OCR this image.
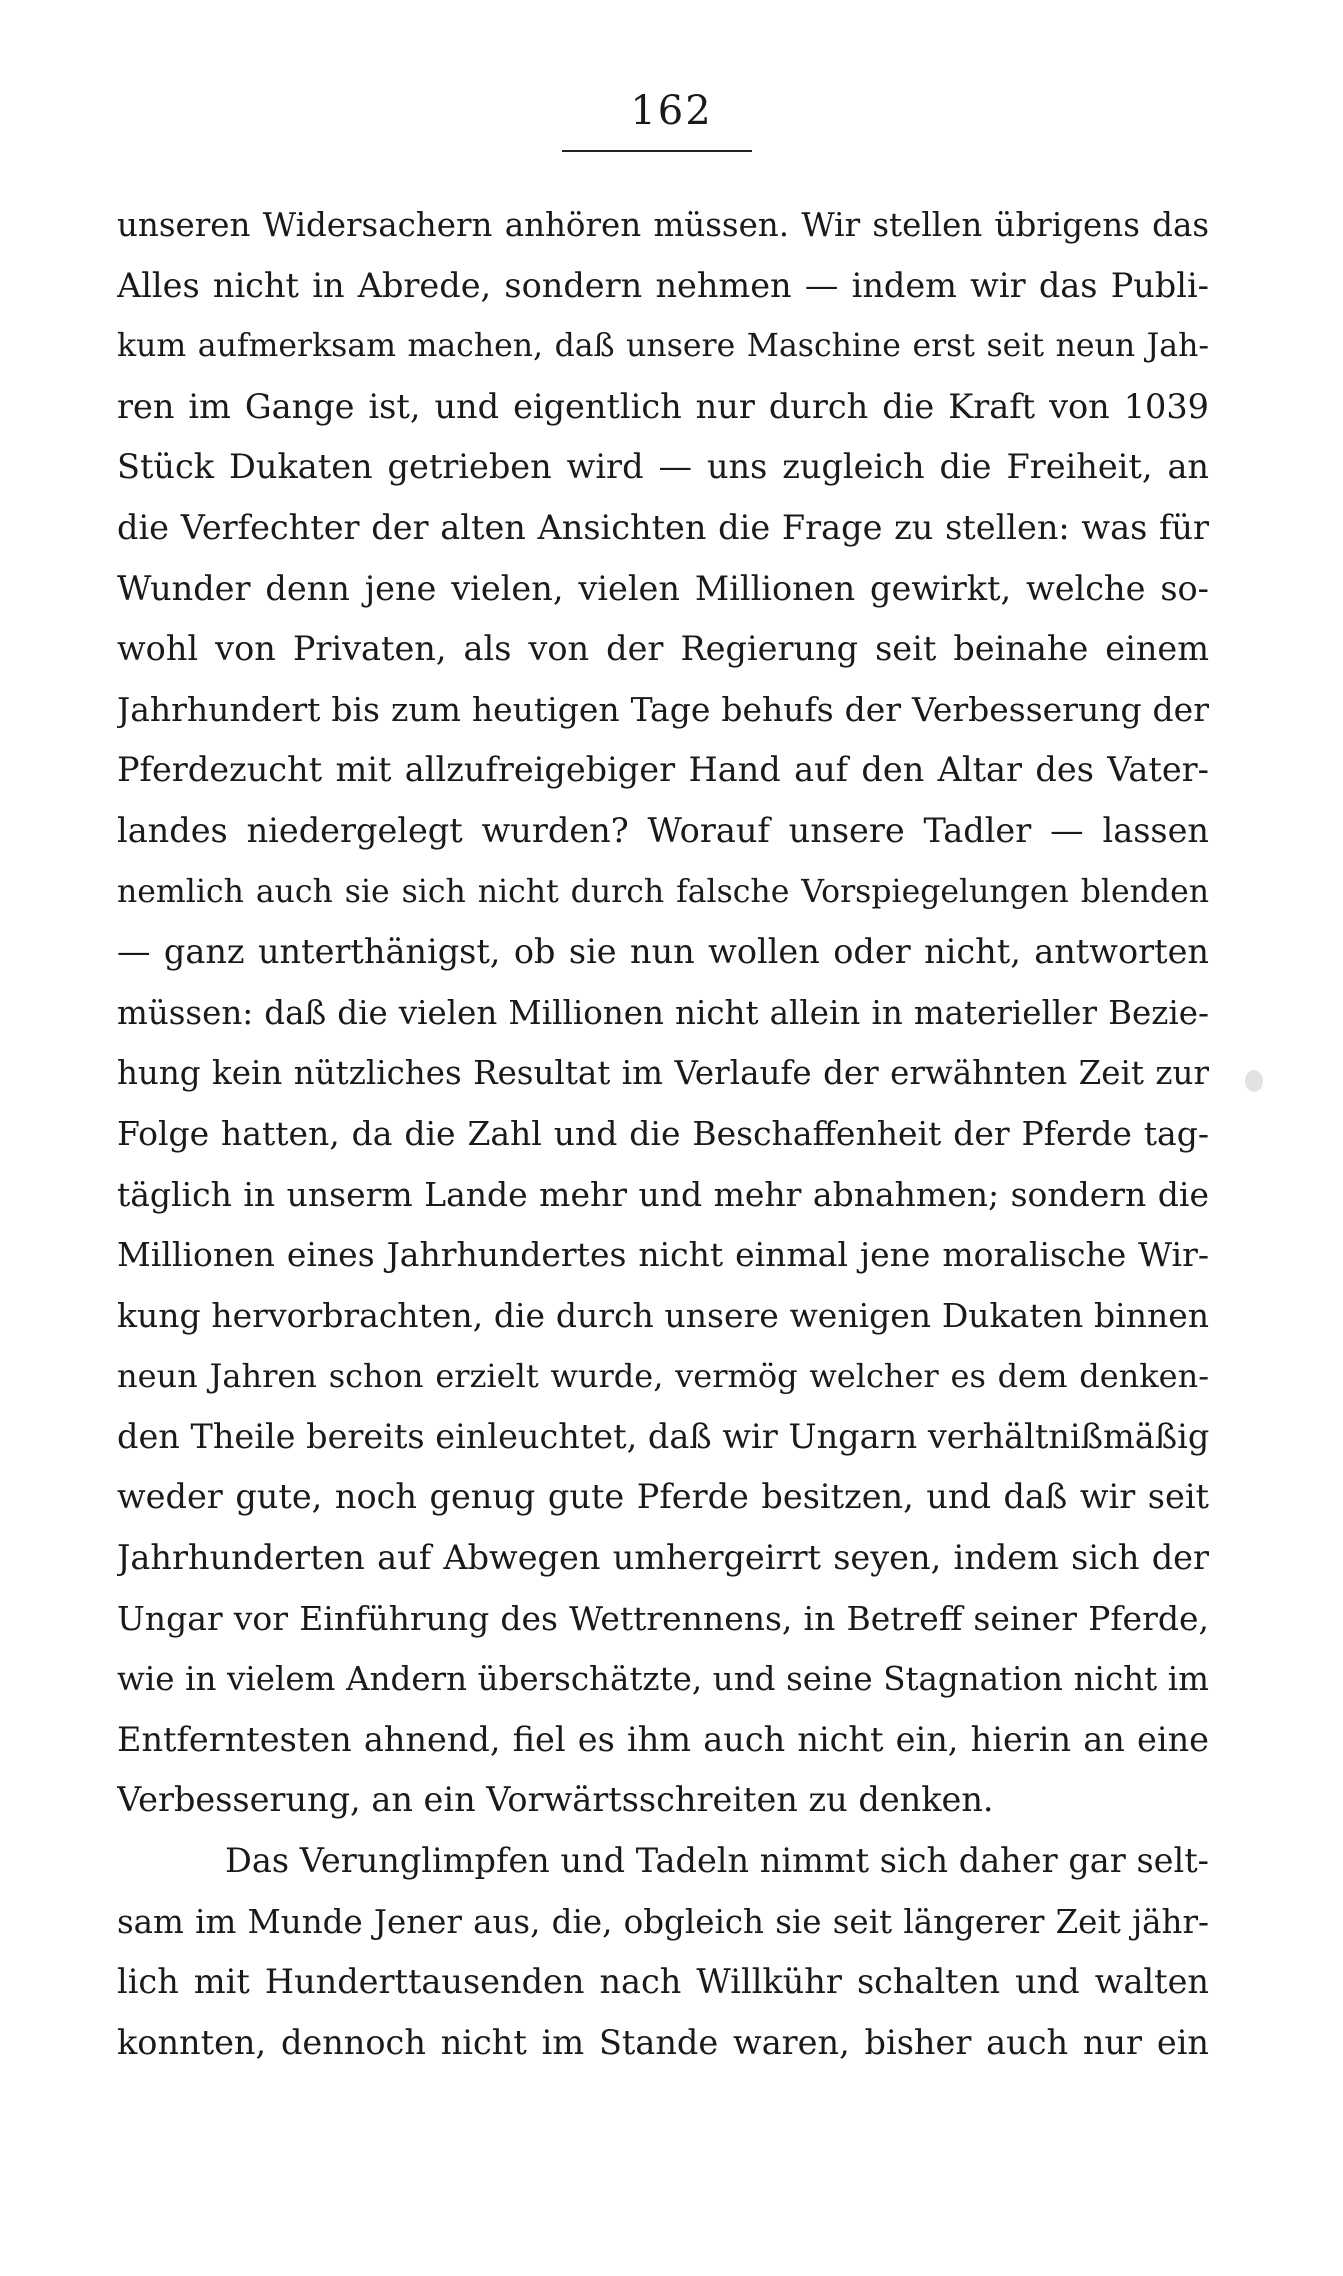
162
unseren Widersachern anhören müssen. Wir stellen übrigens das
Alles nicht in Abrede, sondern nehmen — indem wir das Publi-
kum aufmerksam machen, daß unsere Maschine erst seit neun Jah-
ren im Gange ist, und eigentlich nur durch die Kraft von 1039
Stück Dukaten getrieben wird — uns zugleich die Freiheit, an
die Verfechter der alten Ansichten die Frage zu stellen: was für
Wunder denn jene vielen, vielen Millionen gewirkt, welche so-
wohl von Privaten, als von der Regierung seit beinahe einem
Jahrhundert bis zum heutigen Tage behufs der Verbesserung der
Pferdezucht mit allzufreigebiger Hand auf den Altar des Vater-
landes niedergelegt wurden? Worauf unsere Tadler — lassen
nemlich auch sie sich nicht durch falsche Vorspiegelungen blenden
— ganz unterthänigst, ob sie nun wollen oder nicht, antworten
müssen: daß die vielen Millionen nicht allein in materieller Bezie-
hung kein nützliches Resultat im Verlaufe der erwähnten Zeit zur
Folge hatten, da die Zahl und die Beschaffenheit der Pferde tag-
täglich in unserm Lande mehr und mehr abnahmen; sondern die
Millionen eines Jahrhundertes nicht einmal jene moralische Wir-
kung hervorbrachten, die durch unsere wenigen Dukaten binnen
neun Jahren schon erzielt wurde, vermög welcher es dem denken-
den Theile bereits einleuchtet, daß wir Ungarn verhältnißmäßig
weder gute, noch genug gute Pferde besitzen, und daß wir seit
Jahrhunderten auf Abwegen umhergeirrt seyen, indem sich der
Ungar vor Einführung des Wettrennens, in Betreff seiner Pferde,
wie in vielem Andern überschätzte, und seine Stagnation nicht im
Entferntesten ahnend, fiel es ihm auch nicht ein, hierin an eine
Verbesserung, an ein Vorwärtsschreiten zu denken.
Das Verunglimpfen und Tadeln nimmt sich daher gar selt-
sam im Munde Jener aus, die, obgleich sie seit längerer Zeit jähr-
lich mit Hunderttausenden nach Willkühr schalten und walten
konnten, dennoch nicht im Stande waren, bisher auch nur ein
